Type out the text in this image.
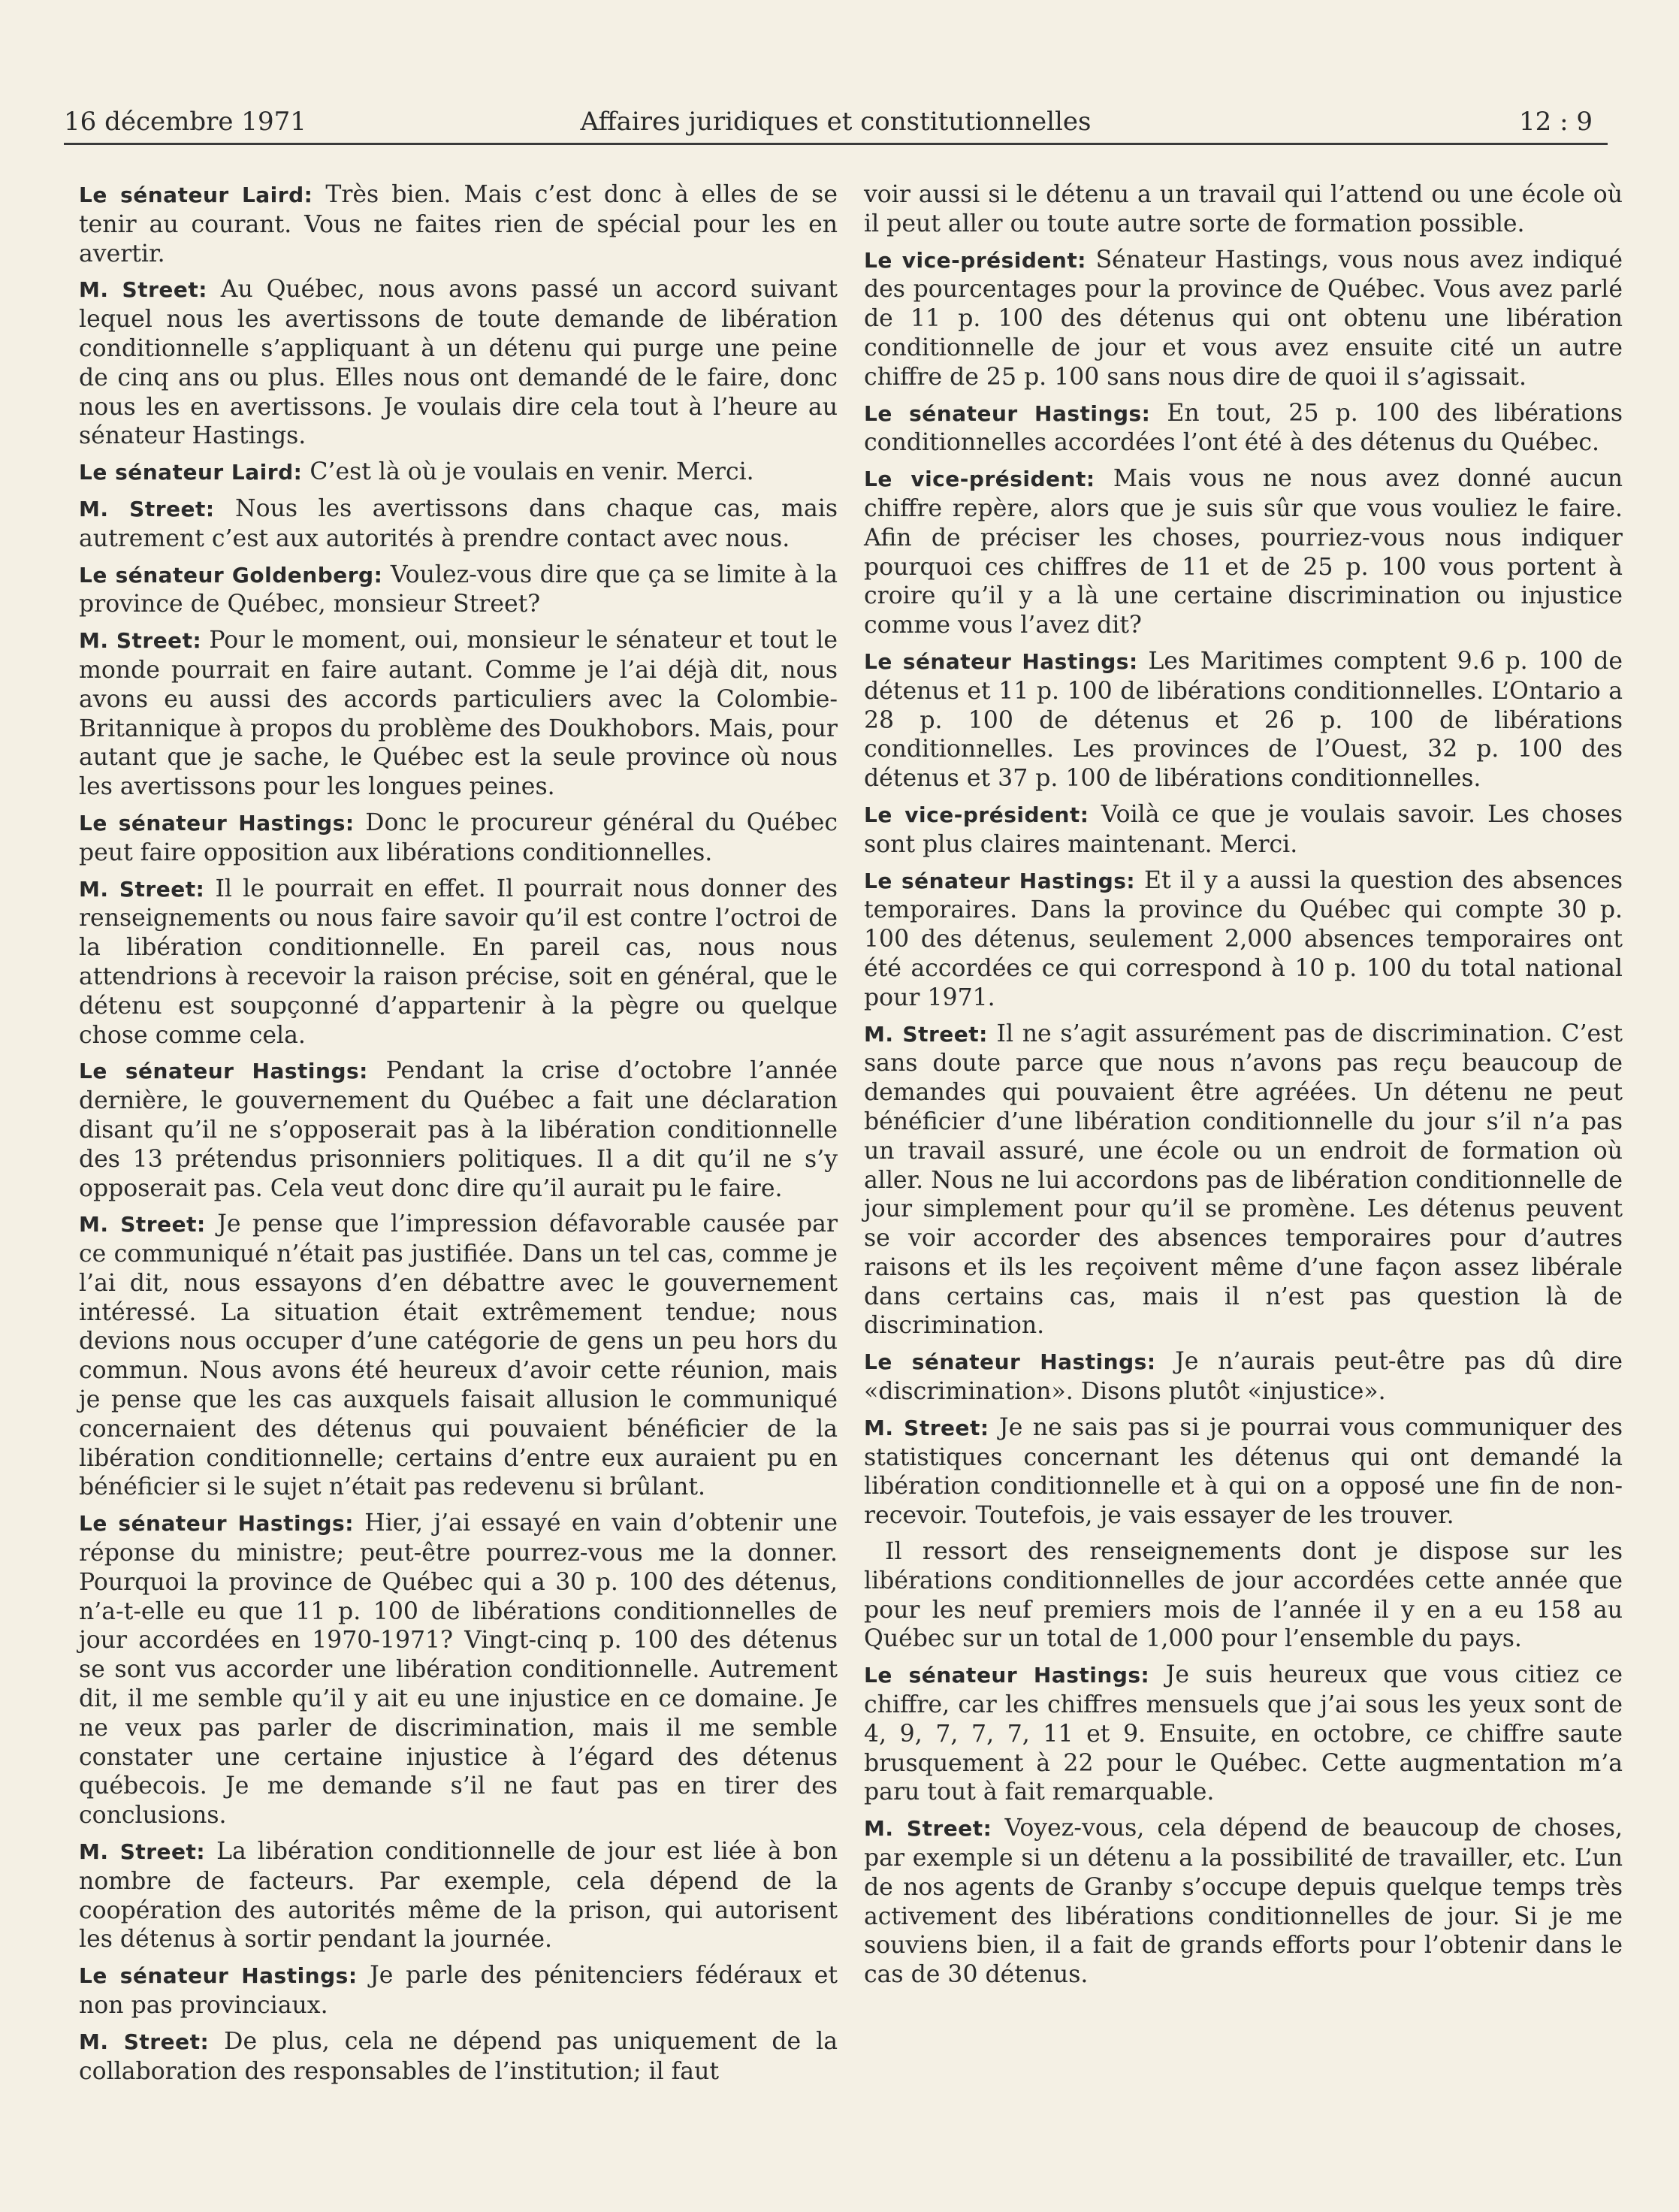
16 décembre 1971	Affaires juridiques et constitutionnelles	12 : 9

Le sénateur Laird: Très bien. Mais c’est donc à elles de se tenir au courant. Vous ne faites rien de spécial pour les en avertir.

M. Street: Au Québec, nous avons passé un accord suivant lequel nous les avertissons de toute demande de libération conditionnelle s’appliquant à un détenu qui purge une peine de cinq ans ou plus. Elles nous ont demandé de le faire, donc nous les en avertissons. Je voulais dire cela tout à l’heure au sénateur Hastings.

Le sénateur Laird: C’est là où je voulais en venir. Merci.

M. Street: Nous les avertissons dans chaque cas, mais autrement c’est aux autorités à prendre contact avec nous.

Le sénateur Goldenberg: Voulez-vous dire que ça se limite à la province de Québec, monsieur Street?

M. Street: Pour le moment, oui, monsieur le sénateur et tout le monde pourrait en faire autant. Comme je l’ai déjà dit, nous avons eu aussi des accords particuliers avec la Colombie-Britannique à propos du problème des Doukhobors. Mais, pour autant que je sache, le Québec est la seule province où nous les avertissons pour les longues peines.

Le sénateur Hastings: Donc le procureur général du Québec peut faire opposition aux libérations conditionnelles.

M. Street: Il le pourrait en effet. Il pourrait nous donner des renseignements ou nous faire savoir qu’il est contre l’octroi de la libération conditionnelle. En pareil cas, nous nous attendrions à recevoir la raison précise, soit en général, que le détenu est soupçonné d’appartenir à la pègre ou quelque chose comme cela.

Le sénateur Hastings: Pendant la crise d’octobre l’année dernière, le gouvernement du Québec a fait une déclaration disant qu’il ne s’opposerait pas à la libération conditionnelle des 13 prétendus prisonniers politiques. Il a dit qu’il ne s’y opposerait pas. Cela veut donc dire qu’il aurait pu le faire.

M. Street: Je pense que l’impression défavorable causée par ce communiqué n’était pas justifiée. Dans un tel cas, comme je l’ai dit, nous essayons d’en débattre avec le gouvernement intéressé. La situation était extrêmement tendue; nous devions nous occuper d’une catégorie de gens un peu hors du commun. Nous avons été heureux d’avoir cette réunion, mais je pense que les cas auxquels faisait allusion le communiqué concernaient des détenus qui pouvaient bénéficier de la libération conditionnelle; certains d’entre eux auraient pu en bénéficier si le sujet n’était pas redevenu si brûlant.

Le sénateur Hastings: Hier, j’ai essayé en vain d’obtenir une réponse du ministre; peut-être pourrez-vous me la donner. Pourquoi la province de Québec qui a 30 p. 100 des détenus, n’a-t-elle eu que 11 p. 100 de libérations conditionnelles de jour accordées en 1970-1971? Vingt-cinq p. 100 des détenus se sont vus accorder une libération conditionnelle. Autrement dit, il me semble qu’il y ait eu une injustice en ce domaine. Je ne veux pas parler de discrimination, mais il me semble constater une certaine injustice à l’égard des détenus québecois. Je me demande s’il ne faut pas en tirer des conclusions.

M. Street: La libération conditionnelle de jour est liée à bon nombre de facteurs. Par exemple, cela dépend de la coopération des autorités même de la prison, qui autorisent les détenus à sortir pendant la journée.

Le sénateur Hastings: Je parle des pénitenciers fédéraux et non pas provinciaux.

M. Street: De plus, cela ne dépend pas uniquement de la collaboration des responsables de l’institution; il faut

voir aussi si le détenu a un travail qui l’attend ou une école où il peut aller ou toute autre sorte de formation possible.

Le vice-président: Sénateur Hastings, vous nous avez indiqué des pourcentages pour la province de Québec. Vous avez parlé de 11 p. 100 des détenus qui ont obtenu une libération conditionnelle de jour et vous avez ensuite cité un autre chiffre de 25 p. 100 sans nous dire de quoi il s’agissait.

Le sénateur Hastings: En tout, 25 p. 100 des libérations conditionnelles accordées l’ont été à des détenus du Québec.

Le vice-président: Mais vous ne nous avez donné aucun chiffre repère, alors que je suis sûr que vous vouliez le faire. Afin de préciser les choses, pourriez-vous nous indiquer pourquoi ces chiffres de 11 et de 25 p. 100 vous portent à croire qu’il y a là une certaine discrimination ou injustice comme vous l’avez dit?

Le sénateur Hastings: Les Maritimes comptent 9.6 p. 100 de détenus et 11 p. 100 de libérations conditionnelles. L’Ontario a 28 p. 100 de détenus et 26 p. 100 de libérations conditionnelles. Les provinces de l’Ouest, 32 p. 100 des détenus et 37 p. 100 de libérations conditionnelles.

Le vice-président: Voilà ce que je voulais savoir. Les choses sont plus claires maintenant. Merci.

Le sénateur Hastings: Et il y a aussi la question des absences temporaires. Dans la province du Québec qui compte 30 p. 100 des détenus, seulement 2,000 absences temporaires ont été accordées ce qui correspond à 10 p. 100 du total national pour 1971.

M. Street: Il ne s’agit assurément pas de discrimination. C’est sans doute parce que nous n’avons pas reçu beaucoup de demandes qui pouvaient être agréées. Un détenu ne peut bénéficier d’une libération conditionnelle du jour s’il n’a pas un travail assuré, une école ou un endroit de formation où aller. Nous ne lui accordons pas de libération conditionnelle de jour simplement pour qu’il se promène. Les détenus peuvent se voir accorder des absences temporaires pour d’autres raisons et ils les reçoivent même d’une façon assez libérale dans certains cas, mais il n’est pas question là de discrimination.

Le sénateur Hastings: Je n’aurais peut-être pas dû dire «discrimination». Disons plutôt «injustice».

M. Street: Je ne sais pas si je pourrai vous communiquer des statistiques concernant les détenus qui ont demandé la libération conditionnelle et à qui on a opposé une fin de non-recevoir. Toutefois, je vais essayer de les trouver.

Il ressort des renseignements dont je dispose sur les libérations conditionnelles de jour accordées cette année que pour les neuf premiers mois de l’année il y en a eu 158 au Québec sur un total de 1,000 pour l’ensemble du pays.

Le sénateur Hastings: Je suis heureux que vous citiez ce chiffre, car les chiffres mensuels que j’ai sous les yeux sont de 4, 9, 7, 7, 7, 11 et 9. Ensuite, en octobre, ce chiffre saute brusquement à 22 pour le Québec. Cette augmentation m’a paru tout à fait remarquable.

M. Street: Voyez-vous, cela dépend de beaucoup de choses, par exemple si un détenu a la possibilité de travailler, etc. L’un de nos agents de Granby s’occupe depuis quelque temps très activement des libérations conditionnelles de jour. Si je me souviens bien, il a fait de grands efforts pour l’obtenir dans le cas de 30 détenus.
